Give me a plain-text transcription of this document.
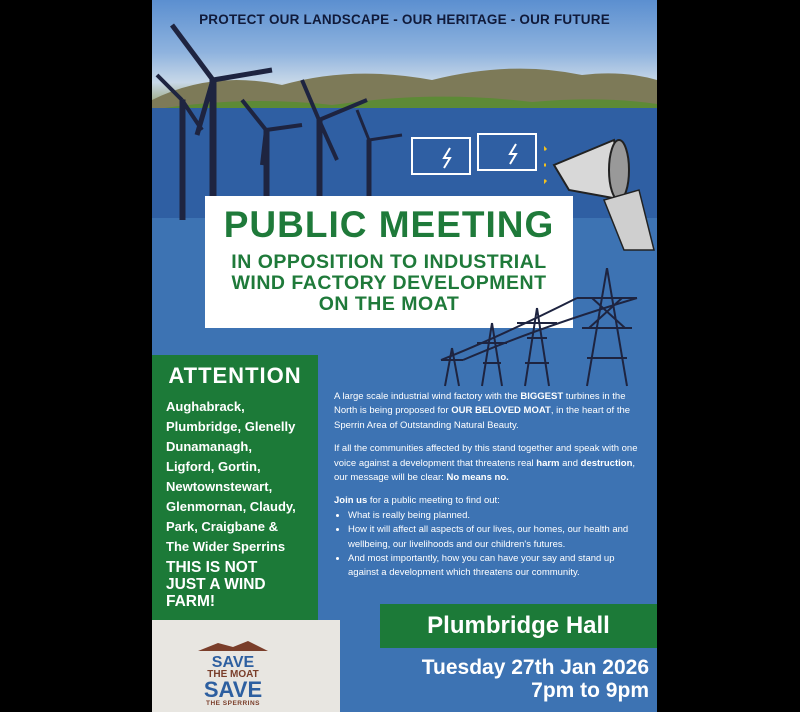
PROTECT OUR LANDSCAPE - OUR HERITAGE - OUR FUTURE
PUBLIC MEETING
IN OPPOSITION TO INDUSTRIAL
WIND FACTORY DEVELOPMENT
ON THE MOAT
ATTENTION
Aughabrack,
Plumbridge, Glenelly
Dunamanagh,
Ligford, Gortin,
Newtownstewart,
Glenmornan, Claudy,
Park, Craigbane &
The Wider Sperrins
THIS IS NOT
JUST A WIND
FARM!

A large scale industrial wind factory with the BIGGEST turbines in the North is being proposed for OUR BELOVED MOAT, in the heart of the Sperrin Area of Outstanding Natural Beauty.

If all the communities affected by this stand together and speak with one voice against a development that threatens real harm and destruction, our message will be clear: No means no.

Join us for a public meeting to find out:

• What is really being planned.
• How it will affect all aspects of our lives, our homes, our health and wellbeing, our livelihoods and our children's futures.
• And most importantly, how you can have your say and stand up against a development which threatens our community.
Plumbridge Hall
Tuesday 27th Jan 2026
7pm to 9pm
SAVE
THE MOAT
SAVE
THE SPERRINS
